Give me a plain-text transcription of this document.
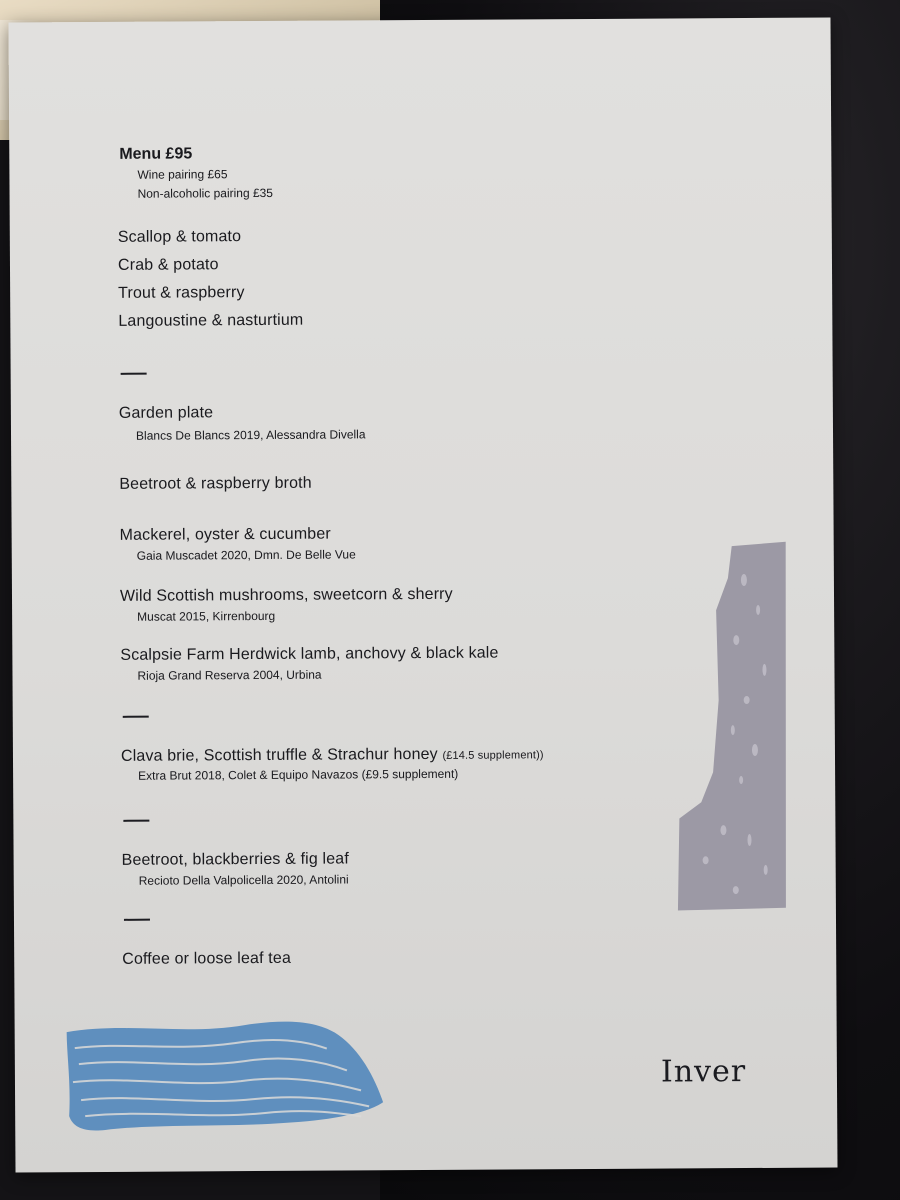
Menu £95
Wine pairing £65
Non-alcoholic pairing £35
Scallop & tomato
Crab & potato
Trout & raspberry
Langoustine & nasturtium
Garden plate
Blancs De Blancs 2019, Alessandra Divella
Beetroot & raspberry broth
Mackerel, oyster & cucumber
Gaia Muscadet 2020, Dmn. De Belle Vue
Wild Scottish mushrooms, sweetcorn & sherry
Muscat 2015, Kirrenbourg
Scalpsie Farm Herdwick lamb, anchovy & black kale
Rioja Grand Reserva 2004, Urbina
Clava brie, Scottish truffle & Strachur honey (£14.5 supplement))
Extra Brut 2018, Colet & Equipo Navazos (£9.5 supplement)
Beetroot, blackberries & fig leaf
Recioto Della Valpolicella 2020, Antolini
Coffee or loose leaf tea
Inver
